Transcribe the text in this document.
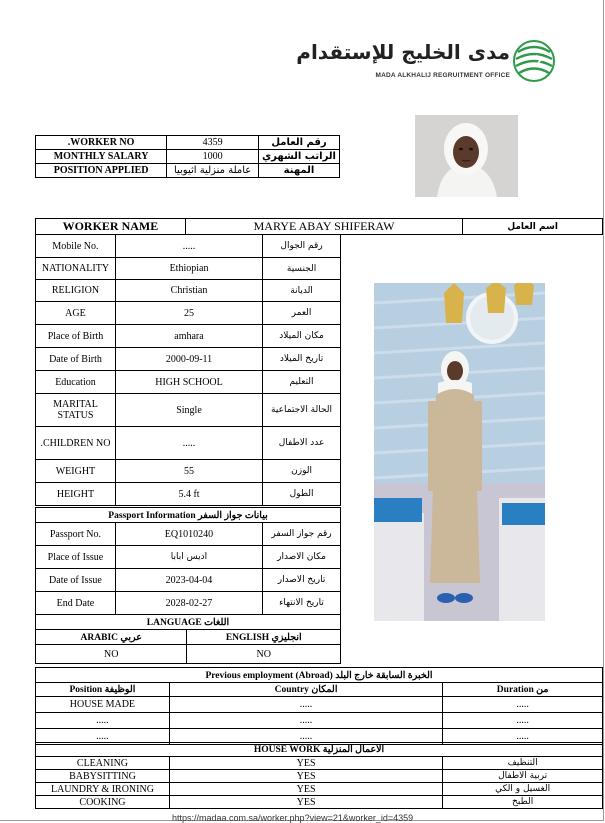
مدى الخليج للإستقدام
MADA ALKHALIJ REGRUITMENT OFFICE
.WORKER NO	4359	رقم العامل
MONTHLY SALARY	1000	الراتب الشهري
POSITION APPLIED	عاملة منزلية اثيوبيا	المهنة
WORKER NAME	MARYE ABAY SHIFERAW	اسم العامل
Mobile No.	.....	رقم الجوال
NATIONALITY	Ethiopian	الجنسية
RELIGION	Christian	الديانة
AGE	25	العمر
Place of Birth	amhara	مكان الميلاد
Date of Birth	2000-09-11	تاريخ الميلاد
Education	HIGH SCHOOL	التعليم
MARITAL STATUS	Single	الحالة الاجتماعية
.CHILDREN NO	.....	عدد الاطفال
WEIGHT	55	الوزن
HEIGHT	5.4 ft	الطول
Passport Information بيانات جواز السفر		
Passport No.	EQ1010240	رقم جواز السفر
Place of Issue	اديس ابابا	مكان الاصدار
Date of Issue	2023-04-04	تاريخ الاصدار
End Date	2028-02-27	تاريخ الانتهاء
LANGUAGE اللغات	
ARABIC عربي	ENGLISH انجليزي
NO	NO
Previous employment (Abroad) الخبرة السابقة خارج البلد		
Position الوظيفة	Country المكان	Duration من
HOUSE MADE	.....	.....
.....	.....	.....
.....	.....	.....
HOUSE WORK الاعمال المنزلية		
CLEANING	YES	التنظيف
BABYSITTING	YES	تربية الاطفال
LAUNDRY & IRONING	YES	الغسيل و الكي
COOKING	YES	الطبخ
https://madaa.com.sa/worker.php?view=21&worker_id=4359
